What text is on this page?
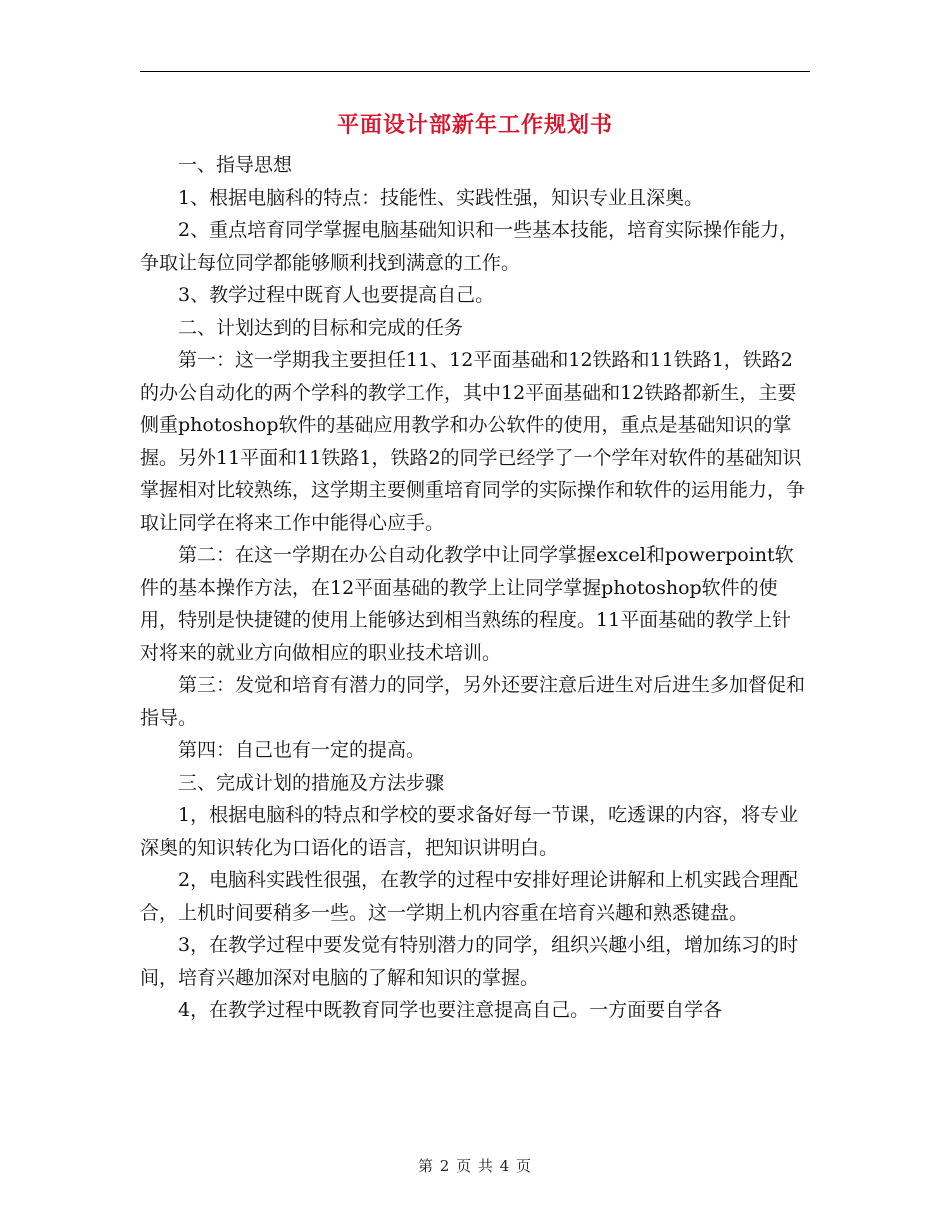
平面设计部新年工作规划书

一、指导思想

1、根据电脑科的特点：技能性、实践性强，知识专业且深奥。

2、重点培育同学掌握电脑基础知识和一些基本技能，培育实际操作能力，争取让每位同学都能够顺利找到满意的工作。

3、教学过程中既育人也要提高自己。

二、计划达到的目标和完成的任务

第一：这一学期我主要担任11、12平面基础和12铁路和11铁路1，铁路2的办公自动化的两个学科的教学工作，其中12平面基础和12铁路都新生，主要侧重photoshop软件的基础应用教学和办公软件的使用，重点是基础知识的掌握。另外11平面和11铁路1，铁路2的同学已经学了一个学年对软件的基础知识掌握相对比较熟练，这学期主要侧重培育同学的实际操作和软件的运用能力，争取让同学在将来工作中能得心应手。

第二：在这一学期在办公自动化教学中让同学掌握excel和powerpoint软件的基本操作方法，在12平面基础的教学上让同学掌握photoshop软件的使用，特别是快捷键的使用上能够达到相当熟练的程度。11平面基础的教学上针对将来的就业方向做相应的职业技术培训。

第三：发觉和培育有潜力的同学，另外还要注意后进生对后进生多加督促和指导。

第四：自己也有一定的提高。

三、完成计划的措施及方法步骤

1，根据电脑科的特点和学校的要求备好每一节课，吃透课的内容，将专业深奥的知识转化为口语化的语言，把知识讲明白。

2，电脑科实践性很强，在教学的过程中安排好理论讲解和上机实践合理配合，上机时间要稍多一些。这一学期上机内容重在培育兴趣和熟悉键盘。

3，在教学过程中要发觉有特别潜力的同学，组织兴趣小组，增加练习的时间，培育兴趣加深对电脑的了解和知识的掌握。

4，在教学过程中既教育同学也要注意提高自己。一方面要自学各

第 2 页 共 4 页
